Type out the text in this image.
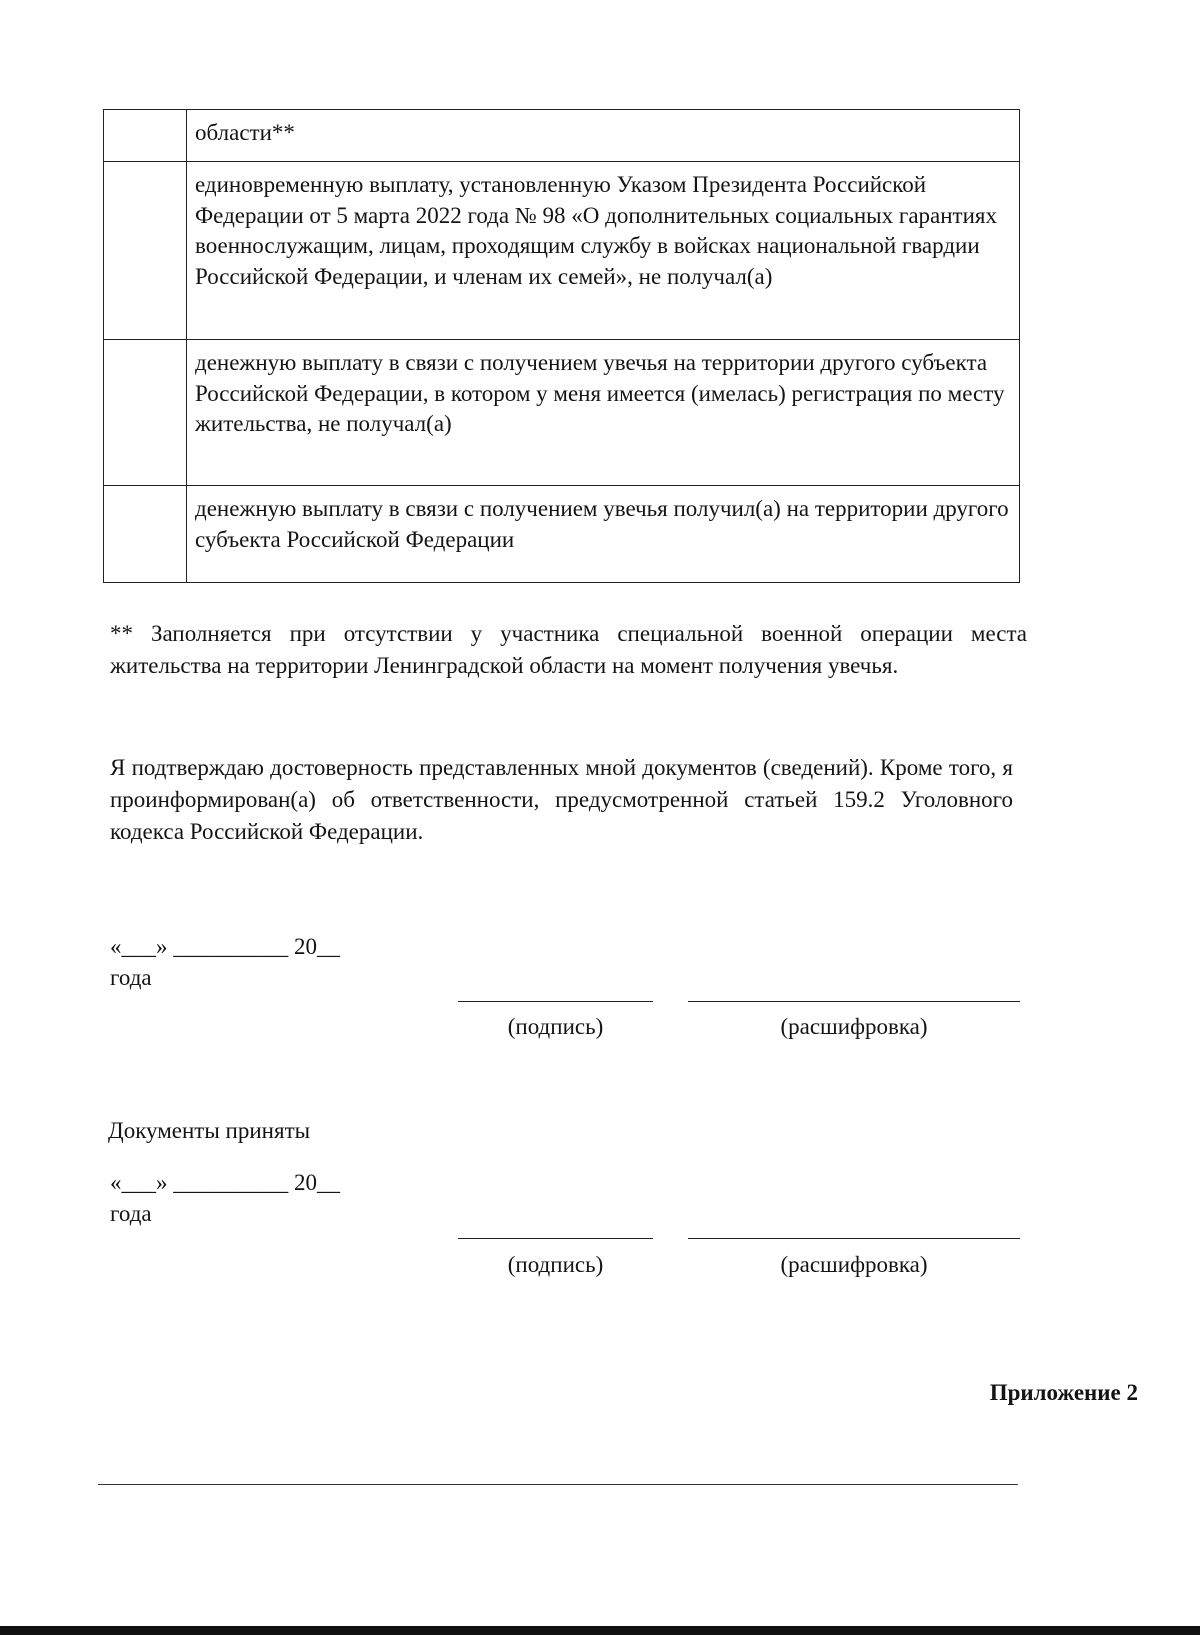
	области**
	единовременную выплату, установленную Указом Президента Российской Федерации от 5 марта 2022 года № 98 «О дополнительных социальных гарантиях военнослужащим, лицам, проходящим службу в войсках национальной гвардии Российской Федерации, и членам их семей», не получал(а)
	денежную выплату в связи с получением увечья на территории другого субъекта Российской Федерации, в котором у меня имеется (имелась) регистрация по месту жительства, не получал(а)
	денежную выплату в связи с получением увечья получил(а) на территории другого субъекта Российской Федерации
** Заполняется при отсутствии у участника специальной военной операции места жительства на территории Ленинградской области на момент получения увечья.
Я подтверждаю достоверность представленных мной документов (сведений). Кроме того, я проинформирован(а) об ответственности, предусмотренной статьей 159.2 Уголовного кодекса Российской Федерации.
«___» __________ 20__
года
(подпись)	(расшифровка)
Документы приняты
«___» __________ 20__
года
(подпись)	(расшифровка)
Приложение 2
